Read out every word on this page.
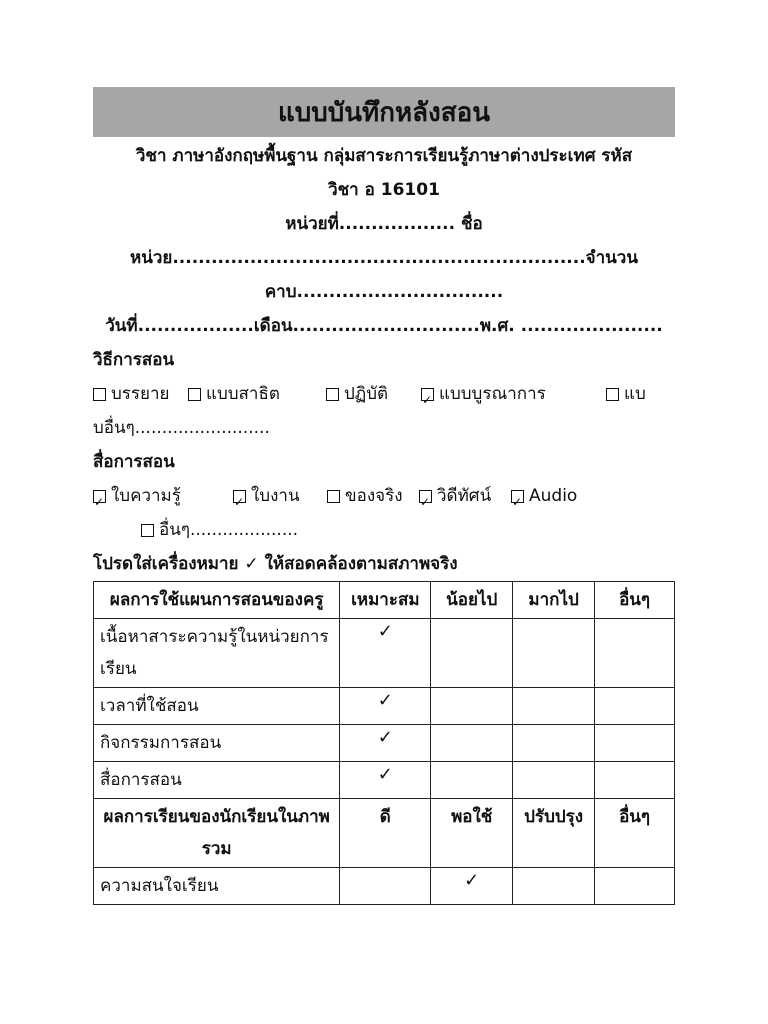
แบบบันทึกหลังสอน
วิชา ภาษาอังกฤษพื้นฐาน กลุ่มสาระการเรียนรู้ภาษาต่างประเทศ รหัส
วิชา อ 16101
หน่วยที่.................. ชื่อ
หน่วย................................................................จำนวน
คาบ................................
วันที่..................เดือน.............................พ.ศ. ......................
วิธีการสอน
บรรยาย แบบสาธิต	ปฏิบัติ ✓	แบบบูรณาการ	แบ
บอื่นๆ.........................
สื่อการสอน
✓
ใบความรู้ ✓	ใบงาน	ของจริง ✓ วิดีทัศน์ ✓ Audio
อื่นๆ....................
โปรดใส่เครื่องหมาย ✓ ให้สอดคล้องตามสภาพจริง
ผลการใช้แผนการสอนของครู	เหมาะสม	น้อยไป	มากไป	อื่นๆ
เนื้อหาสาระความรู้ในหน่วยการเรียน	✓			
เวลาที่ใช้สอน	✓			
กิจกรรมการสอน	✓			
สื่อการสอน	✓			
ผลการเรียนของนักเรียนในภาพรวม	ดี	พอใช้	ปรับปรุง	อื่นๆ
ความสนใจเรียน		✓		
